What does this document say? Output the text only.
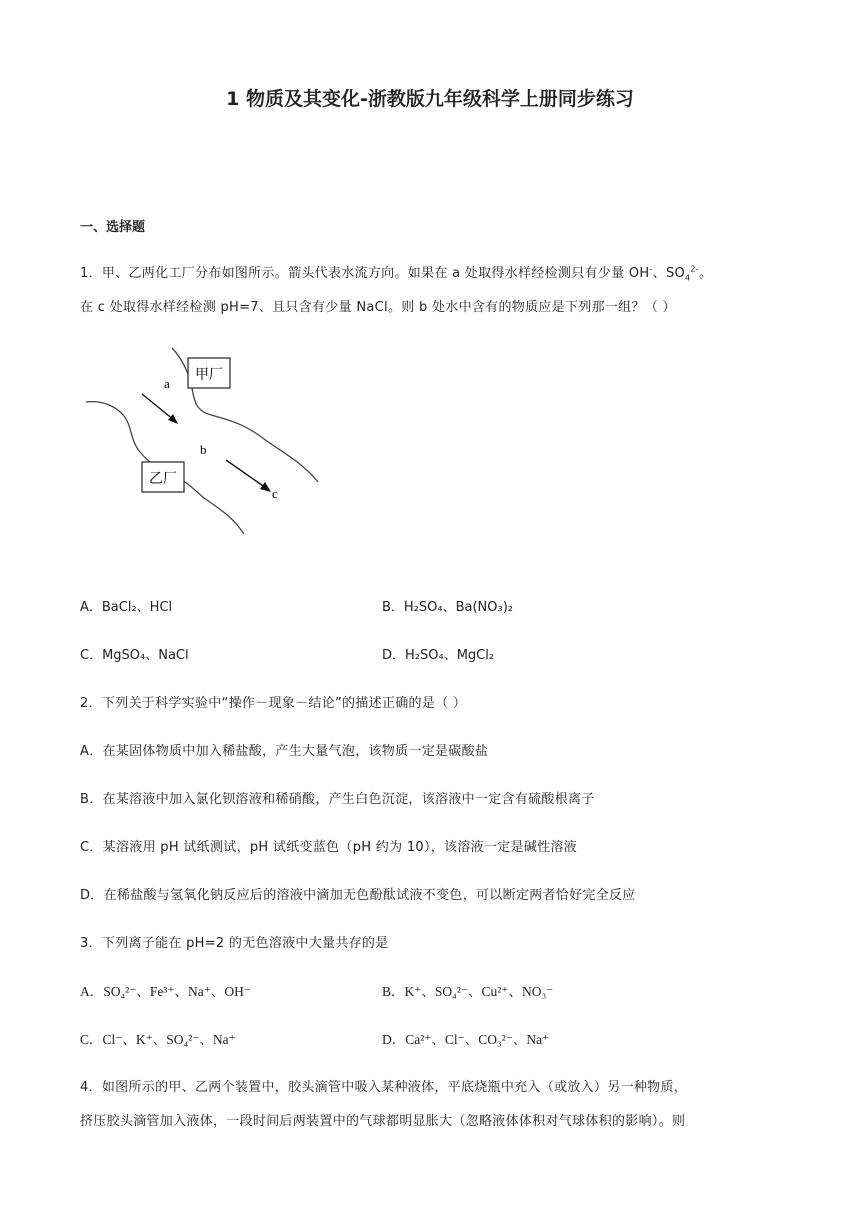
1 物质及其变化-浙教版九年级科学上册同步练习
一、选择题
1．甲、乙两化工厂分布如图所示。箭头代表水流方向。如果在 a 处取得水样经检测只有少量 OH-、$SO_4^{2-}$。
在 c 处取得水样经检测 pH=7、且只含有少量 NaCl。则 b 处水中含有的物质应是下列那一组？（ ）
甲厂
乙厂
a
b
c
A．BaCl₂、HCl	B．H₂SO₄、Ba(NO₃)₂
C．MgSO₄、NaCl	D．H₂SO₄、MgCl₂
2．下列关于科学实验中“操作－现象－结论”的描述正确的是（ ）
A．在某固体物质中加入稀盐酸，产生大量气泡，该物质一定是碳酸盐
B．在某溶液中加入氯化钡溶液和稀硝酸，产生白色沉淀，该溶液中一定含有硫酸根离子
C．某溶液用 pH 试纸测试，pH 试纸变蓝色（pH 约为 10），该溶液一定是碱性溶液
D．在稀盐酸与氢氧化钠反应后的溶液中滴加无色酚酞试液不变色，可以断定两者恰好完全反应
3．下列离子能在 pH=2 的无色溶液中大量共存的是
A．SO₄²⁻、Fe³⁺、Na⁺、OH⁻	B．K⁺、SO₄²⁻、Cu²⁺、NO₃⁻
C．Cl⁻、K⁺、SO₄²⁻、Na⁺	D．Ca²⁺、Cl⁻、CO₃²⁻、Na⁺
4．如图所示的甲、乙两个装置中，胶头滴管中吸入某种液体，平底烧瓶中充入（或放入）另一种物质，
挤压胶头滴管加入液体，一段时间后两装置中的气球都明显胀大（忽略液体体积对气球体积的影响）。则
